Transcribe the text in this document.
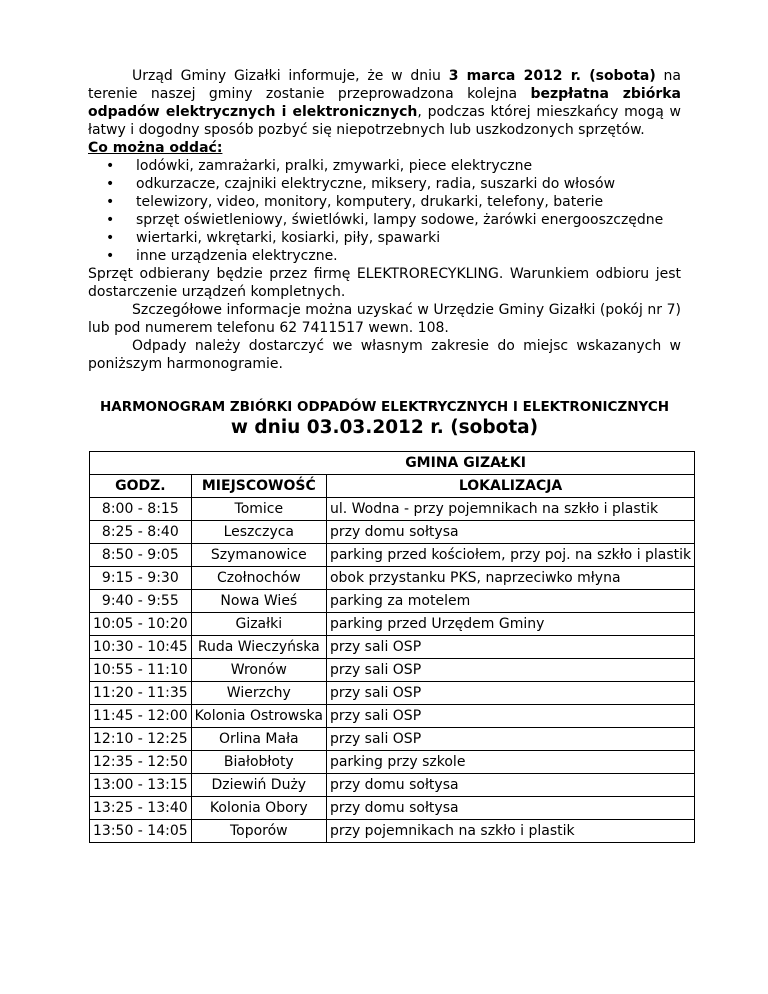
Urząd Gminy Gizałki informuje, że w dniu 3 marca 2012 r. (sobota) na terenie naszej gminy zostanie przeprowadzona kolejna bezpłatna zbiórka odpadów elektrycznych i elektronicznych, podczas której mieszkańcy mogą w łatwy i dogodny sposób pozbyć się niepotrzebnych lub uszkodzonych sprzętów.

Co można oddać:
• lodówki, zamrażarki, pralki, zmywarki, piece elektryczne
• odkurzacze, czajniki elektryczne, miksery, radia, suszarki do włosów
• telewizory, video, monitory, komputery, drukarki, telefony, baterie
• sprzęt oświetleniowy, świetlówki, lampy sodowe, żarówki energooszczędne
• wiertarki, wkrętarki, kosiarki, piły, spawarki
• inne urządzenia elektryczne.

Sprzęt odbierany będzie przez firmę ELEKTRORECYKLING. Warunkiem odbioru jest dostarczenie urządzeń kompletnych.

Szczegółowe informacje można uzyskać w Urzędzie Gminy Gizałki (pokój nr 7) lub pod numerem telefonu 62 7411517 wewn. 108.

Odpady należy dostarczyć we własnym zakresie do miejsc wskazanych w poniższym harmonogramie.

HARMONOGRAM ZBIÓRKI ODPADÓW ELEKTRYCZNYCH I ELEKTRONICZNYCH
w dniu 03.03.2012 r. (sobota)
GMINA GIZAŁKI		
GODZ.	MIEJSCOWOŚĆ	LOKALIZACJA
8:00 - 8:15	Tomice	ul. Wodna - przy pojemnikach na szkło i plastik
8:25 - 8:40	Leszczyca	przy domu sołtysa
8:50 - 9:05	Szymanowice	parking przed kościołem, przy poj. na szkło i plastik
9:15 - 9:30	Czołnochów	obok przystanku PKS, naprzeciwko młyna
9:40 - 9:55	Nowa Wieś	parking za motelem
10:05 - 10:20	Gizałki	parking przed Urzędem Gminy
10:30 - 10:45	Ruda Wieczyńska	przy sali OSP
10:55 - 11:10	Wronów	przy sali OSP
11:20 - 11:35	Wierzchy	przy sali OSP
11:45 - 12:00	Kolonia Ostrowska	przy sali OSP
12:10 - 12:25	Orlina Mała	przy sali OSP
12:35 - 12:50	Białobłoty	parking przy szkole
13:00 - 13:15	Dziewiń Duży	przy domu sołtysa
13:25 - 13:40	Kolonia Obory	przy domu sołtysa
13:50 - 14:05	Toporów	przy pojemnikach na szkło i plastik
